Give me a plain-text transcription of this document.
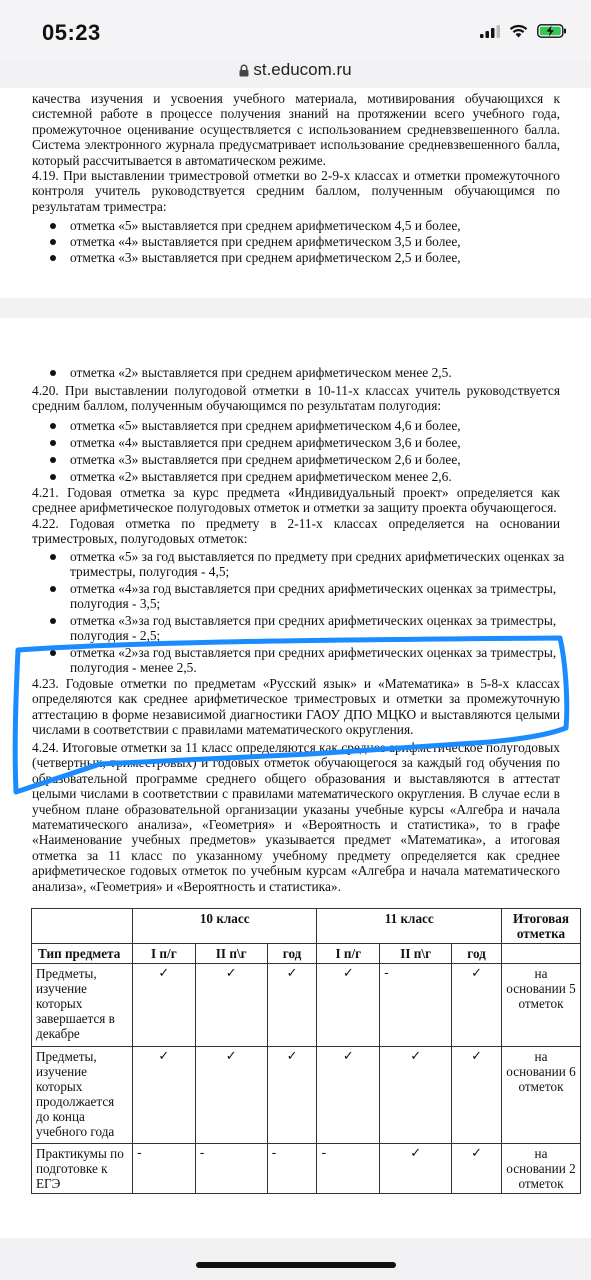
05:23
st.educom.ru

качества изучения и усвоения учебного материала, мотивирования обучающихся к системной работе в процессе получения знаний на протяжении всего учебного года, промежуточное оценивание осуществляется с использованием средневзвешенного балла. Система электронного журнала предусматривает использование средневзвешенного балла, который рассчитывается в автоматическом режиме.

4.19. При выставлении триместровой отметки во 2-9-х классах и отметки промежуточного контроля учитель руководствуется средним баллом, полученным обучающимся по результатам триместра:

отметка «5» выставляется при среднем арифметическом 4,5 и более,
отметка «4» выставляется при среднем арифметическом 3,5 и более,
отметка «3» выставляется при среднем арифметическом 2,5 и более,
отметка «2» выставляется при среднем арифметическом менее 2,5.

4.20. При выставлении полугодовой отметки в 10-11-х классах учитель руководствуется средним баллом, полученным обучающимся по результатам полугодия:

отметка «5» выставляется при среднем арифметическом 4,6 и более,
отметка «4» выставляется при среднем арифметическом 3,6 и более,
отметка «3» выставляется при среднем арифметическом 2,6 и более,
отметка «2» выставляется при среднем арифметическом менее 2,6.

4.21. Годовая отметка за курс предмета «Индивидуальный проект» определяется как среднее арифметическое полугодовых отметок и отметки за защиту проекта обучающегося.

4.22. Годовая отметка по предмету в 2-11-х классах определяется на основании триместровых, полугодовых отметок:

отметка «5» за год выставляется по предмету при средних арифметических оценках за триместры, полугодия - 4,5;
отметка «4»за год выставляется при средних арифметических оценках за триместры, полугодия - 3,5;
отметка «3»за год выставляется при средних арифметических оценках за триместры, полугодия - 2,5;
отметка «2»за год выставляется при средних арифметических оценках за триместры, полугодия - менее 2,5.

4.23. Годовые отметки по предметам «Русский язык» и «Математика» в 5-8-х классах определяются как среднее арифметическое триместровых и отметки за промежуточную аттестацию в форме независимой диагностики ГАОУ ДПО МЦКО и выставляются целыми числами в соответствии с правилами математического округления.

4.24. Итоговые отметки за 11 класс определяются как среднее арифметическое полугодовых (четвертных, триместровых) и годовых отметок обучающегося за каждый год обучения по образовательной программе среднего общего образования и выставляются в аттестат целыми числами в соответствии с правилами математического округления. В случае если в учебном плане образовательной организации указаны учебные курсы «Алгебра и начала математического анализа», «Геометрия» и «Вероятность и статистика», то в графе «Наименование учебных предметов» указывается предмет «Математика», а итоговая отметка за 11 класс по указанному учебному предмету определяется как среднее арифметическое годовых отметок по учебным курсам «Алгебра и начала математического анализа», «Геометрия» и «Вероятность и статистика».

	10 класс			11 класс			Итоговая отметка
Тип предмета	I п/г	II п\г	год	I п/г	II п\г	год	
Предметы, изучение которых завершается в декабре	✓	✓	✓	✓	-	✓	на основании 5 отметок
Предметы, изучение которых продолжается до конца учебного года	✓	✓	✓	✓	✓	✓	на основании 6 отметок
Практикумы по подготовке к ЕГЭ	-	-	-	-	✓	✓	на основании 2 отметок
